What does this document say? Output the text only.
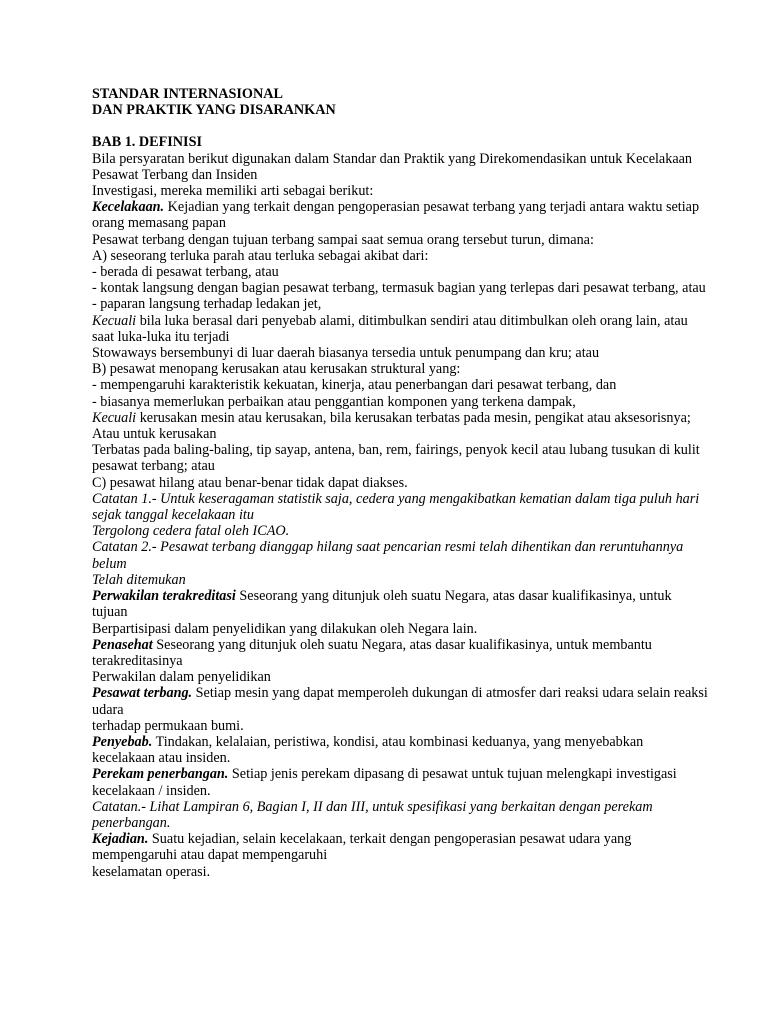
STANDAR INTERNASIONAL
DAN PRAKTIK YANG DISARANKAN
BAB 1. DEFINISI
Bila persyaratan berikut digunakan dalam Standar dan Praktik yang Direkomendasikan untuk Kecelakaan Pesawat Terbang dan Insiden
Investigasi, mereka memiliki arti sebagai berikut:
Kecelakaan. Kejadian yang terkait dengan pengoperasian pesawat terbang yang terjadi antara waktu setiap orang memasang papan
Pesawat terbang dengan tujuan terbang sampai saat semua orang tersebut turun, dimana:
A) seseorang terluka parah atau terluka sebagai akibat dari:
- berada di pesawat terbang, atau
- kontak langsung dengan bagian pesawat terbang, termasuk bagian yang terlepas dari pesawat terbang, atau
- paparan langsung terhadap ledakan jet,
Kecuali bila luka berasal dari penyebab alami, ditimbulkan sendiri atau ditimbulkan oleh orang lain, atau saat luka-luka itu terjadi
Stowaways bersembunyi di luar daerah biasanya tersedia untuk penumpang dan kru; atau
B) pesawat menopang kerusakan atau kerusakan struktural yang:
- mempengaruhi karakteristik kekuatan, kinerja, atau penerbangan dari pesawat terbang, dan
- biasanya memerlukan perbaikan atau penggantian komponen yang terkena dampak,
Kecuali kerusakan mesin atau kerusakan, bila kerusakan terbatas pada mesin, pengikat atau aksesorisnya; Atau untuk kerusakan
Terbatas pada baling-baling, tip sayap, antena, ban, rem, fairings, penyok kecil atau lubang tusukan di kulit pesawat terbang; atau
C) pesawat hilang atau benar-benar tidak dapat diakses.
Catatan 1.- Untuk keseragaman statistik saja, cedera yang mengakibatkan kematian dalam tiga puluh hari sejak tanggal kecelakaan itu
Tergolong cedera fatal oleh ICAO.
Catatan 2.- Pesawat terbang dianggap hilang saat pencarian resmi telah dihentikan dan reruntuhannya belum
Telah ditemukan
Perwakilan terakreditasi Seseorang yang ditunjuk oleh suatu Negara, atas dasar kualifikasinya, untuk tujuan
Berpartisipasi dalam penyelidikan yang dilakukan oleh Negara lain.
Penasehat Seseorang yang ditunjuk oleh suatu Negara, atas dasar kualifikasinya, untuk membantu terakreditasinya
Perwakilan dalam penyelidikan
Pesawat terbang. Setiap mesin yang dapat memperoleh dukungan di atmosfer dari reaksi udara selain reaksi udara
terhadap permukaan bumi.
Penyebab. Tindakan, kelalaian, peristiwa, kondisi, atau kombinasi keduanya, yang menyebabkan kecelakaan atau insiden.
Perekam penerbangan. Setiap jenis perekam dipasang di pesawat untuk tujuan melengkapi investigasi kecelakaan / insiden.
Catatan.- Lihat Lampiran 6, Bagian I, II dan III, untuk spesifikasi yang berkaitan dengan perekam penerbangan.
Kejadian. Suatu kejadian, selain kecelakaan, terkait dengan pengoperasian pesawat udara yang mempengaruhi atau dapat mempengaruhi
keselamatan operasi.
